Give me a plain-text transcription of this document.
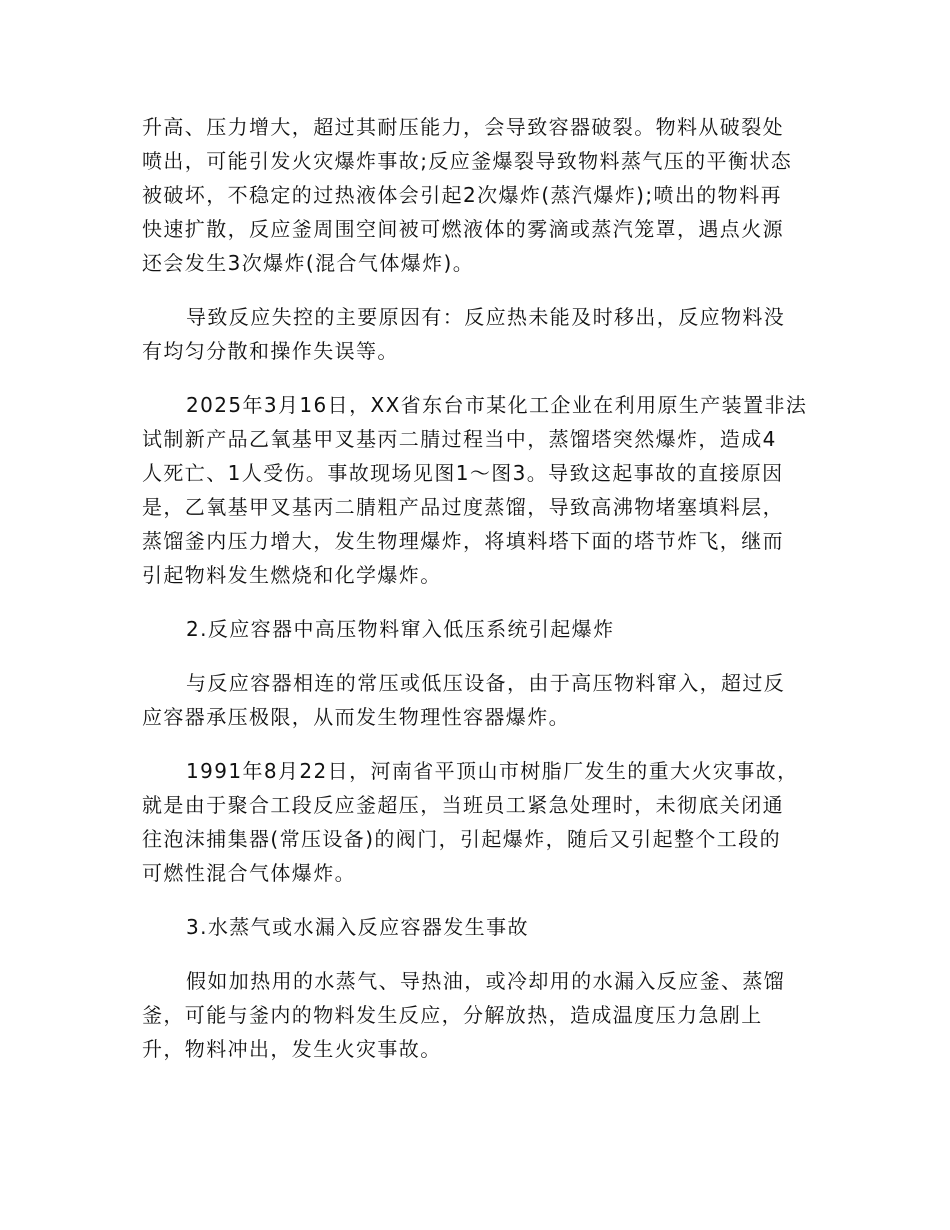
升高、压力增大，超过其耐压能力，会导致容器破裂。物料从破裂处
喷出，可能引发火灾爆炸事故;反应釜爆裂导致物料蒸气压的平衡状态
被破坏，不稳定的过热液体会引起2次爆炸(蒸汽爆炸);喷出的物料再
快速扩散，反应釜周围空间被可燃液体的雾滴或蒸汽笼罩，遇点火源
还会发生3次爆炸(混合气体爆炸)。
导致反应失控的主要原因有：反应热未能及时移出，反应物料没
有均匀分散和操作失误等。
2025年3月16日，XX省东台市某化工企业在利用原生产装置非法
试制新产品乙氧基甲叉基丙二腈过程当中，蒸馏塔突然爆炸，造成4
人死亡、1人受伤。事故现场见图1～图3。导致这起事故的直接原因
是，乙氧基甲叉基丙二腈粗产品过度蒸馏，导致高沸物堵塞填料层，
蒸馏釜内压力增大，发生物理爆炸，将填料塔下面的塔节炸飞，继而
引起物料发生燃烧和化学爆炸。
2.反应容器中高压物料窜入低压系统引起爆炸
与反应容器相连的常压或低压设备，由于高压物料窜入，超过反
应容器承压极限，从而发生物理性容器爆炸。
1991年8月22日，河南省平顶山市树脂厂发生的重大火灾事故，
就是由于聚合工段反应釜超压，当班员工紧急处理时，未彻底关闭通
往泡沫捕集器(常压设备)的阀门，引起爆炸，随后又引起整个工段的
可燃性混合气体爆炸。
3.水蒸气或水漏入反应容器发生事故
假如加热用的水蒸气、导热油，或冷却用的水漏入反应釜、蒸馏
釜，可能与釜内的物料发生反应，分解放热，造成温度压力急剧上
升，物料冲出，发生火灾事故。
